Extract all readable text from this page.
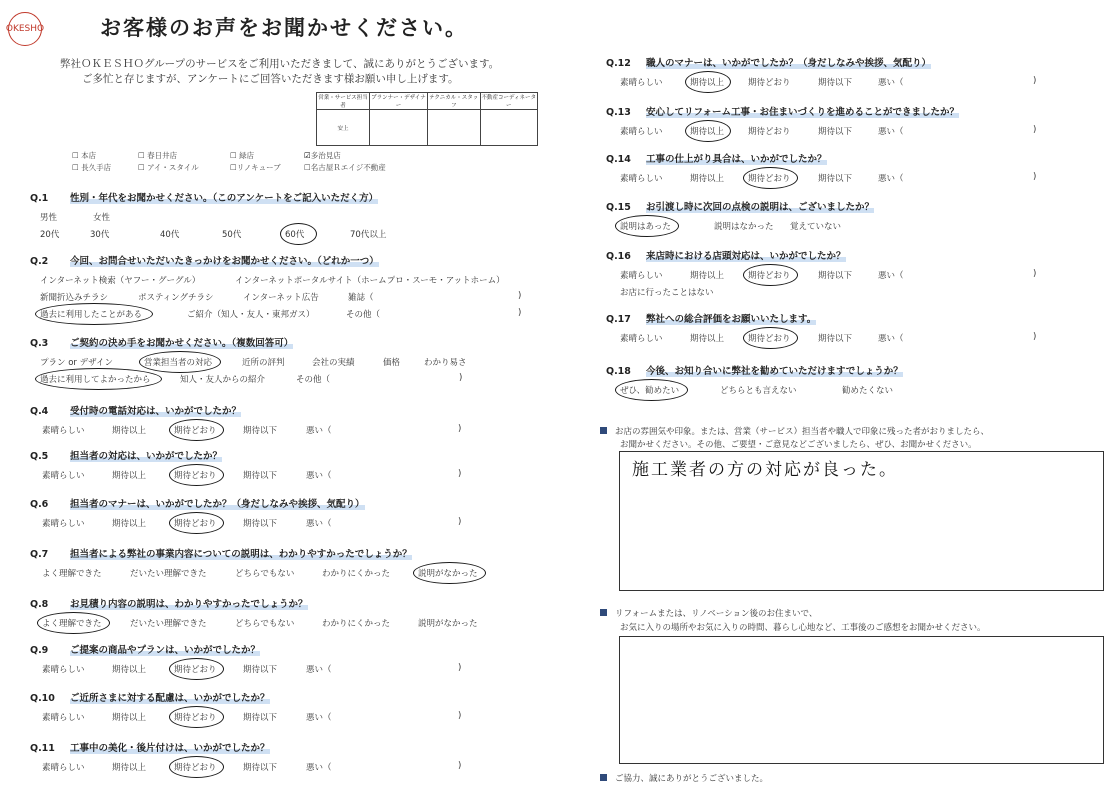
OKESHO	お客様のお声をお聞かせください。
弊社ＯＫＥＳＨＯグループのサービスをご利用いただきまして、誠にありがとうございます。
ご多忙と存じますが、アンケートにご回答いただきます様お願い申し上げます。
営業・サービス担当者	プランナー・デザイナー	テクニカル・スタッフ	不動産コーディネーター
安上			
☐ 本店	☐ 春日井店	☐ 緑店	☑多治見店
☐ 長久手店	☐ アイ・スタイル	☐リノキューブ	☐名古屋Ｒエイジ不動産
Q.1 性別・年代をお聞かせください。（このアンケートをご記入いただく方）
男性	女性
20代	30代	40代	50代	60代	70代以上
Q.2 今回、お問合せいただいたきっかけをお聞かせください。（どれか一つ）
インターネット検索（ヤフー・グーグル）	インターネットポータルサイト（ホームプロ・スーモ・アットホーム）
新聞折込みチラシ	ポスティングチラシ	インターネット広告	雑誌（	)
過去に利用したことがある	ご紹介（知人・友人・東邦ガス）	その他（	)
Q.3 ご契約の決め手をお聞かせください。（複数回答可）
プラン or デザイン	営業担当者の対応	近所の評判	会社の実績	価格	わかり易さ
過去に利用してよかったから	知人・友人からの紹介	その他（	)
Q.4 受付時の電話対応は、いかがでしたか？
素晴らしい	期待以上	期待どおり	期待以下	悪い（	)
Q.5 担当者の対応は、いかがでしたか？
素晴らしい	期待以上	期待どおり	期待以下	悪い（	)
Q.6 担当者のマナーは、いかがでしたか？（身だしなみや挨拶、気配り）
素晴らしい	期待以上	期待どおり	期待以下	悪い（	)
Q.7 担当者による弊社の事業内容についての説明は、わかりやすかったでしょうか？
よく理解できた	だいたい理解できた	どちらでもない	わかりにくかった	説明がなかった
Q.8 お見積り内容の説明は、わかりやすかったでしょうか？
よく理解できた	だいたい理解できた	どちらでもない	わかりにくかった	説明がなかった
Q.9 ご提案の商品やプランは、いかがでしたか？
素晴らしい	期待以上	期待どおり	期待以下	悪い（	)
Q.10 ご近所さまに対する配慮は、いかがでしたか？
素晴らしい	期待以上	期待どおり	期待以下	悪い（	)
Q.11 工事中の美化・後片付けは、いかがでしたか？
素晴らしい	期待以上	期待どおり	期待以下	悪い（	)
Q.12 職人のマナーは、いかがでしたか？（身だしなみや挨拶、気配り）
素晴らしい	期待以上	期待どおり	期待以下	悪い（	)
Q.13 安心してリフォーム工事・お住まいづくりを進めることができましたか？
素晴らしい	期待以上	期待どおり	期待以下	悪い（	)
Q.14 工事の仕上がり具合は、いかがでしたか？
素晴らしい	期待以上	期待どおり	期待以下	悪い（	)
Q.15 お引渡し時に次回の点検の説明は、ございましたか？
説明はあった	説明はなかった 覚えていない
Q.16 来店時における店頭対応は、いかがでしたか？
素晴らしい	期待以上	期待どおり	期待以下	悪い（	)
お店に行ったことはない
Q.17 弊社への総合評価をお願いいたします。
素晴らしい	期待以上	期待どおり	期待以下	悪い（	)
Q.18 今後、お知り合いに弊社を勧めていただけますでしょうか？
ぜひ、勧めたい	どちらとも言えない	勧めたくない
お店の雰囲気や印象。または、営業（サービス）担当者や職人で印象に残った者がおりましたら、
お聞かせください。その他、ご要望・ご意見などございましたら、ぜひ、お聞かせください。
施工業者の方の対応が良った。
リフォームまたは、リノベーション後のお住まいで、
お気に入りの場所やお気に入りの時間、暮らし心地など、工事後のご感想をお聞かせください。
ご協力、誠にありがとうございました。
